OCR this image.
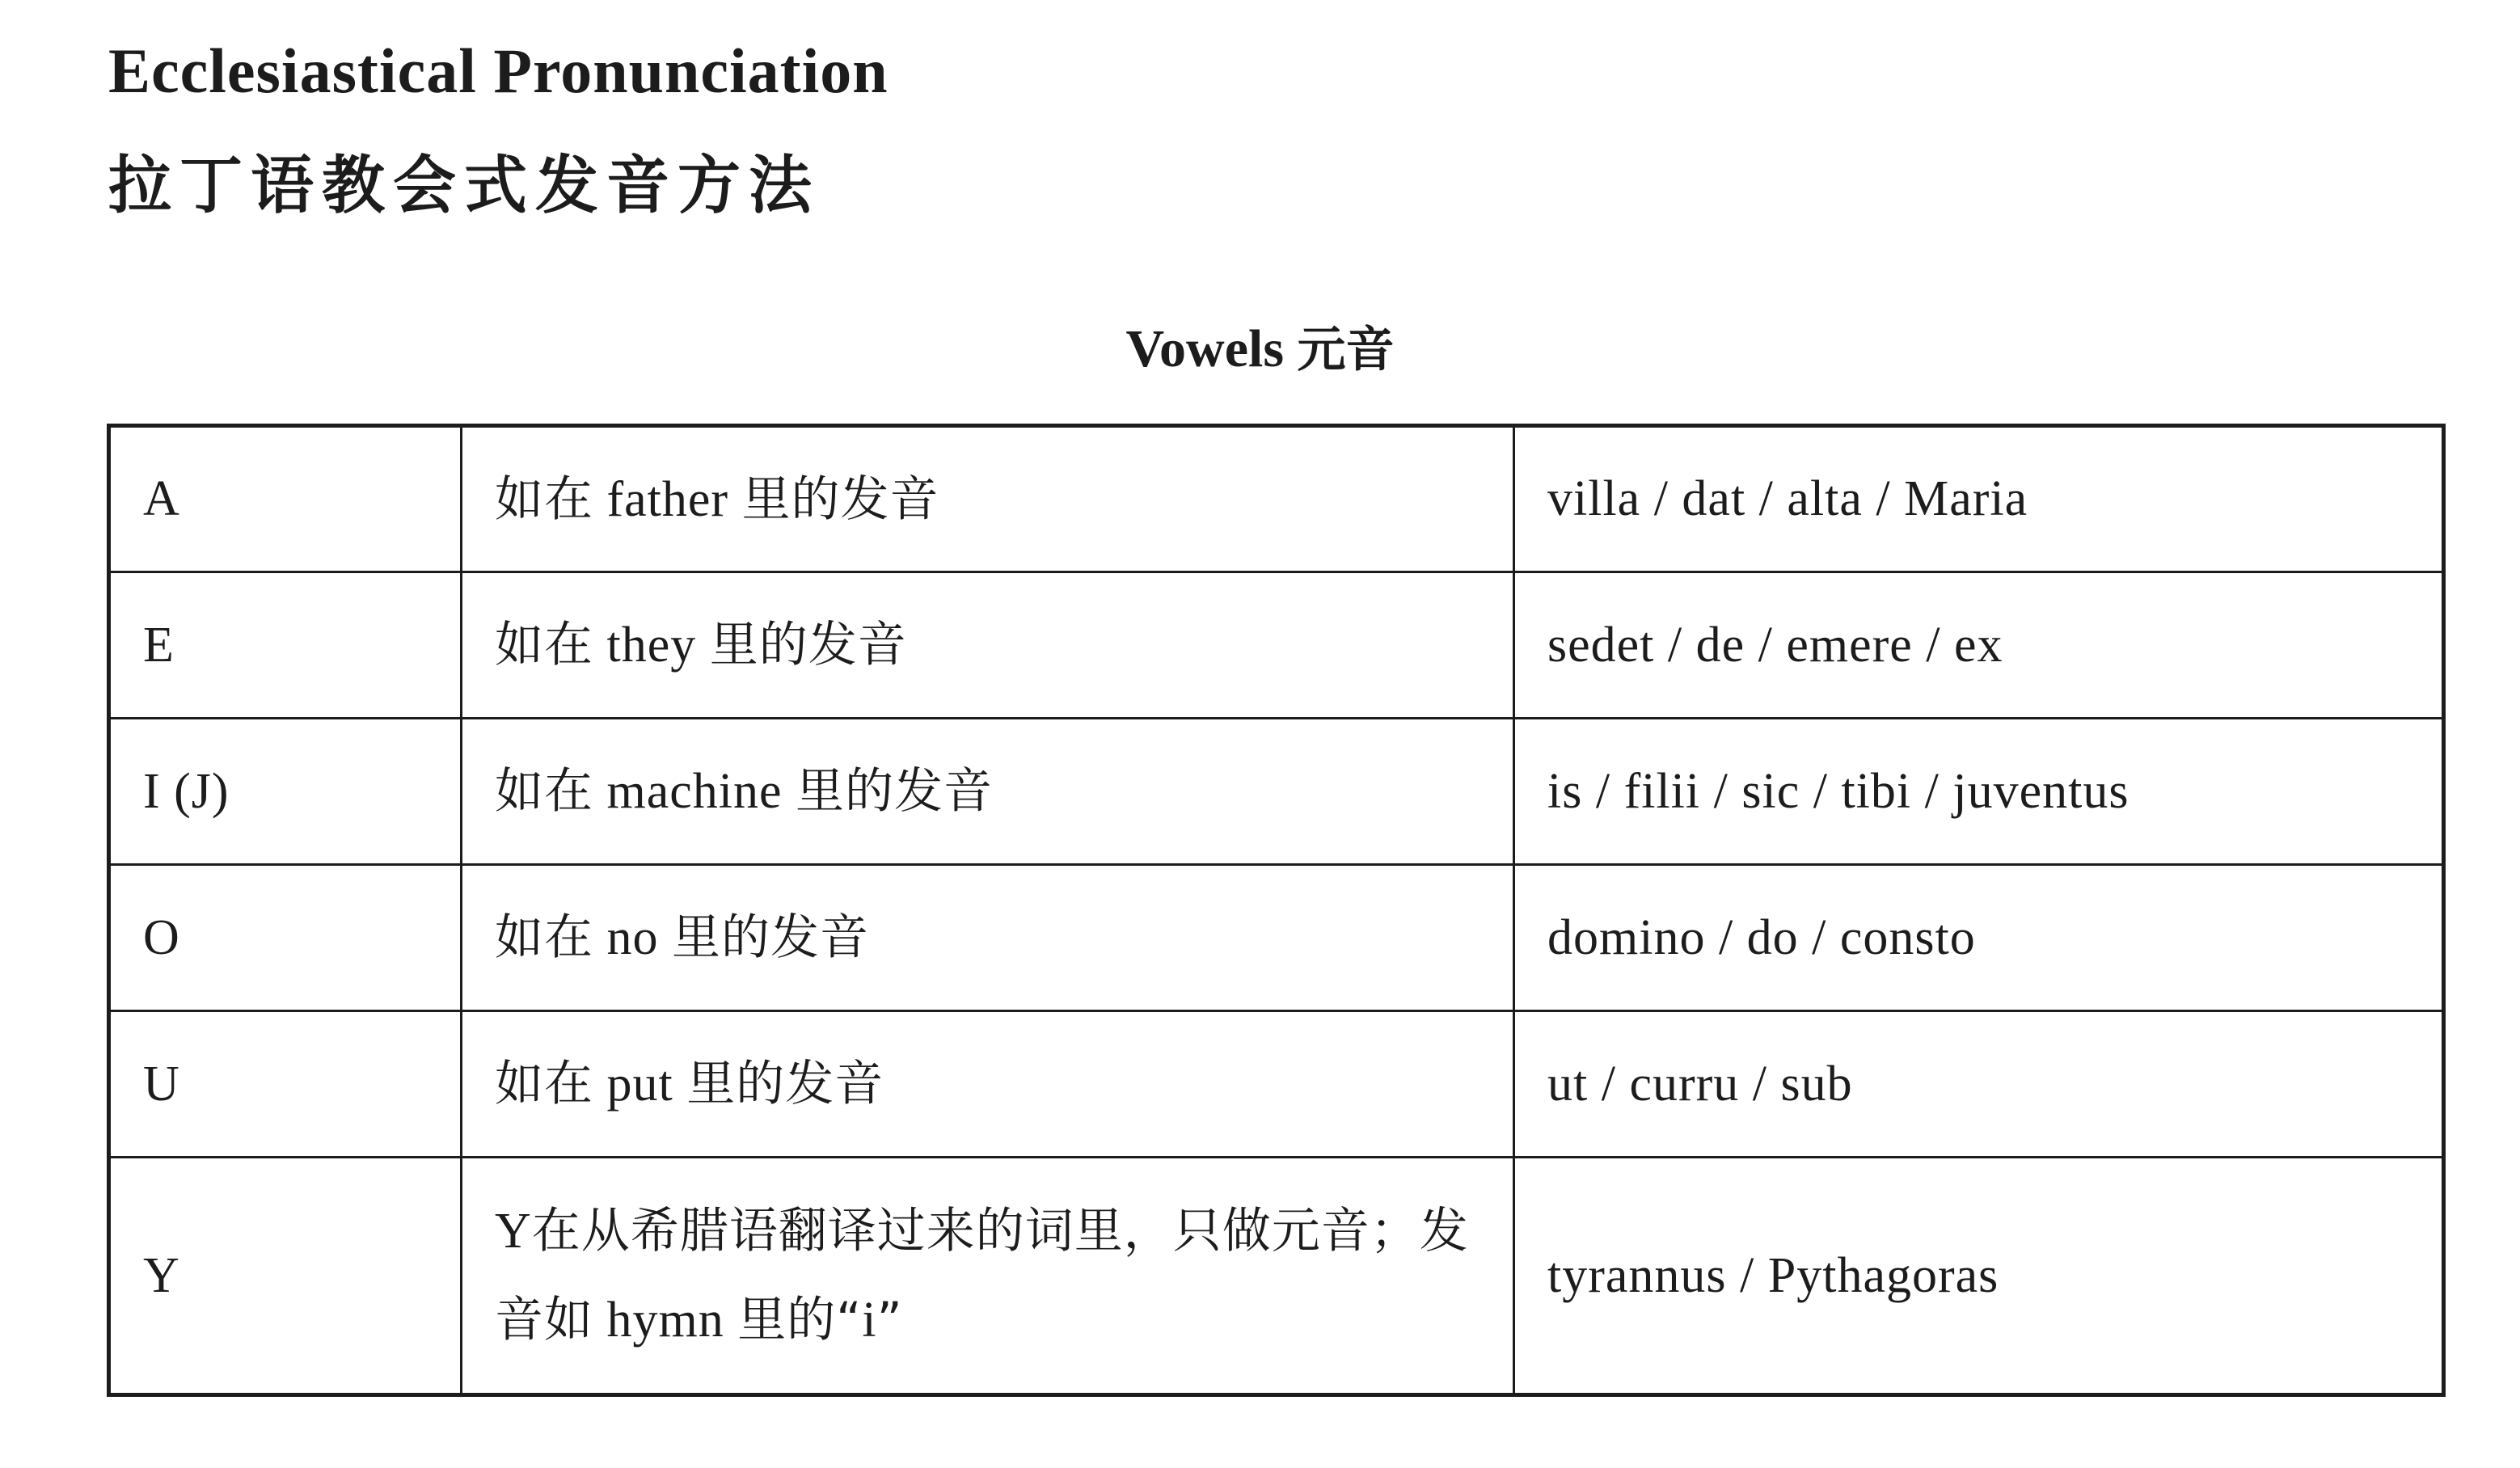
Ecclesiastical Pronunciation
拉丁语教会式发音方法
Vowels 元音
A	如在 father 里的发音	villa / dat / alta / Maria
E	如在 they 里的发音	sedet / de / emere / ex
I (J)	如在 machine 里的发音	is / filii / sic / tibi / juventus
O	如在 no 里的发音	domino / do / consto
U	如在 put 里的发音	ut / curru / sub
Y	Y在从希腊语翻译过来的词里，只做元音；发音如 hymn 里的“i”	tyrannus / Pythagoras
